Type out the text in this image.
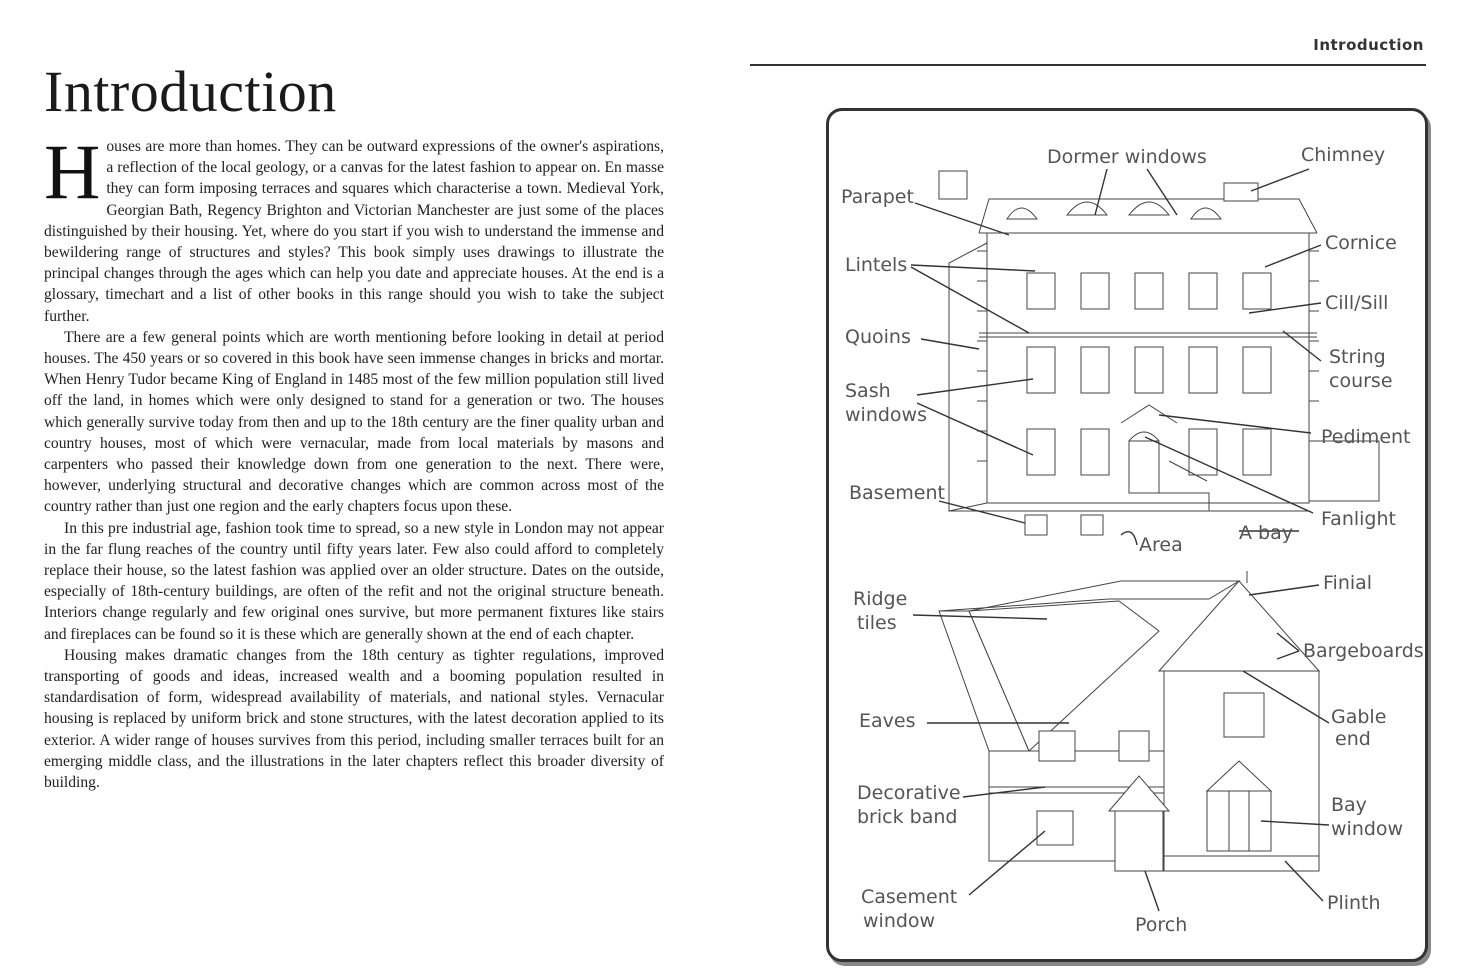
Introduction

Houses are more than homes. They can be outward expressions of the owner's aspirations, a reflection of the local geology, or a canvas for the latest fashion to appear on. En masse they can form imposing terraces and squares which characterise a town. Medieval York, Georgian Bath, Regency Brighton and Victorian Manchester are just some of the places distinguished by their housing. Yet, where do you start if you wish to understand the immense and bewildering range of structures and styles? This book simply uses drawings to illustrate the principal changes through the ages which can help you date and appreciate houses. At the end is a glossary, timechart and a list of other books in this range should you wish to take the subject further.

There are a few general points which are worth mentioning before looking in detail at period houses. The 450 years or so covered in this book have seen immense changes in bricks and mortar. When Henry Tudor became King of England in 1485 most of the few million population still lived off the land, in homes which were only designed to stand for a generation or two. The houses which generally survive today from then and up to the 18th century are the finer quality urban and country houses, most of which were vernacular, made from local materials by masons and carpenters who passed their knowledge down from one generation to the next. There were, however, underlying structural and decorative changes which are common across most of the country rather than just one region and the early chapters focus upon these.

In this pre industrial age, fashion took time to spread, so a new style in London may not appear in the far flung reaches of the country until fifty years later. Few also could afford to completely replace their house, so the latest fashion was applied over an older structure. Dates on the outside, especially of 18th-century buildings, are often of the refit and not the original structure beneath. Interiors change regularly and few original ones survive, but more permanent fixtures like stairs and fireplaces can be found so it is these which are generally shown at the end of each chapter.

Housing makes dramatic changes from the 18th century as tighter regulations, improved transporting of goods and ideas, increased wealth and a booming population resulted in standardisation of form, widespread availability of materials, and national styles. Vernacular housing is replaced by uniform brick and stone structures, with the latest decoration applied to its exterior. A wider range of houses survives from this period, including smaller terraces built for an emerging middle class, and the illustrations in the later chapters reflect this broader diversity of building.

Introduction
Dormer windows	Chimney
Parapet
Cornice
Lintels
Cill/Sill
Quoins
String
course
Sash
windows
Pediment
Basement
Fanlight
A bay
Area
Finial
Ridge
tiles
Bargeboards
Gable
end
Eaves
Decorative
brick band
Bay
window
Casement
window
Plinth
Porch
